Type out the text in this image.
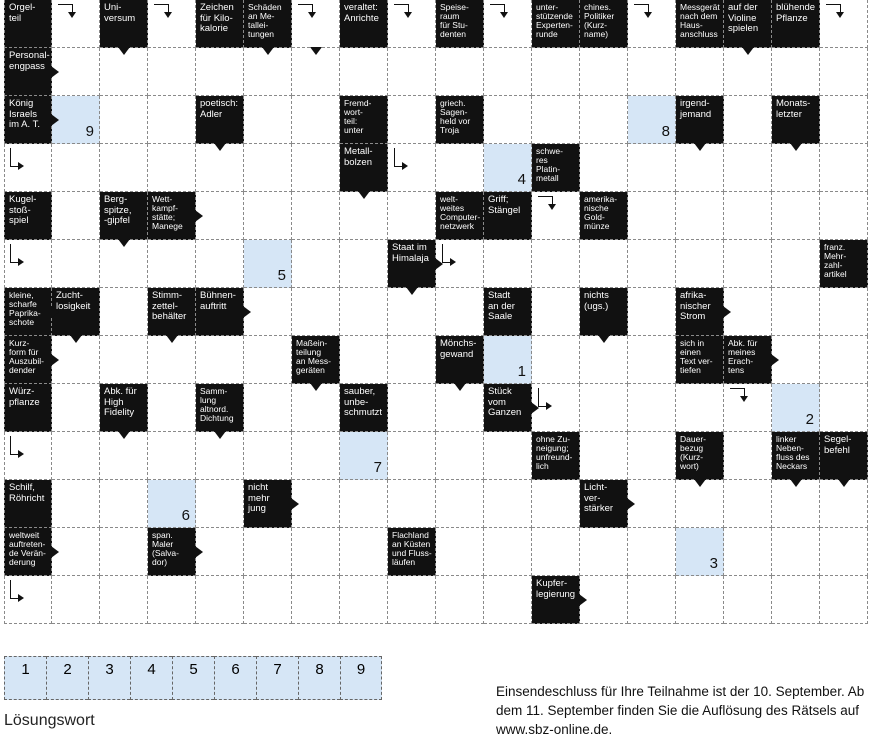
Orgel-
teil
Uni-
versum
Zeichen
für Kilo-
kalorie
Schäden
an Me-
tallei-
tungen
veraltet:
Anrichte
Speise-
raum
für Stu-
denten
unter-
stützende
Experten-
runde
chines.
Politiker
(Kurz-
name)
Messgerät
nach dem
Haus-
anschluss
auf der
Violine
spielen
blühende
Pflanze
Personal-
engpass
König
Israels
im A. T.	9
poetisch:
Adler
Fremd-
wort-
teil:
unter
griech.
Sagen-
held vor
Troja	8
irgend-
jemand
Monats-
letzter
Metall-
bolzen
4
schwe-
res
Platin-
metall
Kugel-
stoß-
spiel
Berg-
spitze,
-gipfel
Wett-
kampf-
stätte;
Manege
welt-
weites
Computer-
netzwerk
Griff;
Stängel
amerika-
nische
Gold-
münze
5
Staat im
Himalaja
franz.
Mehr-
zahl-
artikel
kleine,
scharfe
Paprika-
schote
Zucht-
losigkeit
Stimm-
zettel-
behälter
Bühnen-
auftritt
Stadt
an der
Saale
nichts
(ugs.)
afrika-
nischer
Strom
Kurz-
form für
Auszubil-
dender
Maßein-
teilung
an Mess-
geräten
Mönchs-
gewand
1
sich in
einen
Text ver-
tiefen
Abk. für
meines
Erach-
tens
Würz-
pflanze
Abk. für
High
Fidelity
Samm-
lung
altnord.
Dichtung
sauber,
unbe-
schmutzt
Stück
vom
Ganzen	2
7
ohne Zu-
neigung;
unfreund-
lich
Dauer-
bezug
(Kurz-
wort)
linker
Neben-
fluss des
Neckars
Segel-
befehl
Schilf,
Röhricht
6
nicht
mehr
jung
Licht-
ver-
stärker
weltweit
auftreten-
de Verän-
derung
span.
Maler
(Salva-
dor)
Flachland
an Küsten
und Fluss-
läufen	3
Kupfer-
legierung
1	2	3	4	5	6	7	8	9
Lösungswort
Einsendeschluss für Ihre Teilnahme ist der 10. September. Ab dem 11. September finden Sie die Auflösung des Rätsels auf www.sbz-online.de.
